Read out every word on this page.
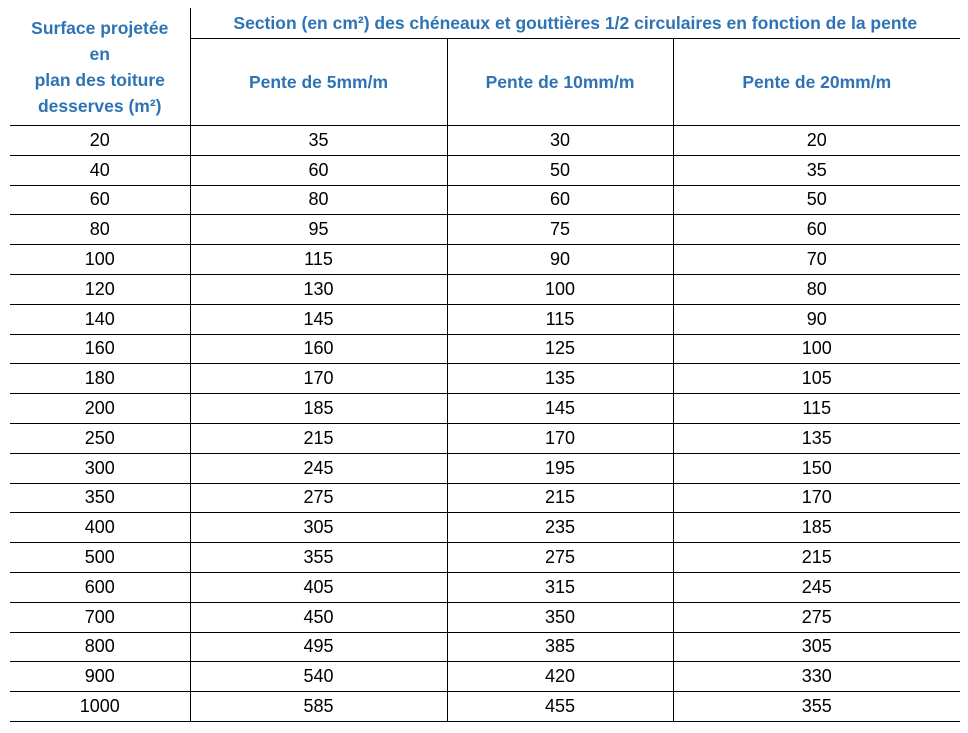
Surface projetée
en
plan des toiture
desserves (m²)	Section (en cm²) des chéneaux et gouttières 1/2 circulaires en fonction de la pente		
	Pente de 5mm/m	Pente de 10mm/m	Pente de 20mm/m
20	35	30	20
40	60	50	35
60	80	60	50
80	95	75	60
100	115	90	70
120	130	100	80
140	145	115	90
160	160	125	100
180	170	135	105
200	185	145	115
250	215	170	135
300	245	195	150
350	275	215	170
400	305	235	185
500	355	275	215
600	405	315	245
700	450	350	275
800	495	385	305
900	540	420	330
1000	585	455	355
